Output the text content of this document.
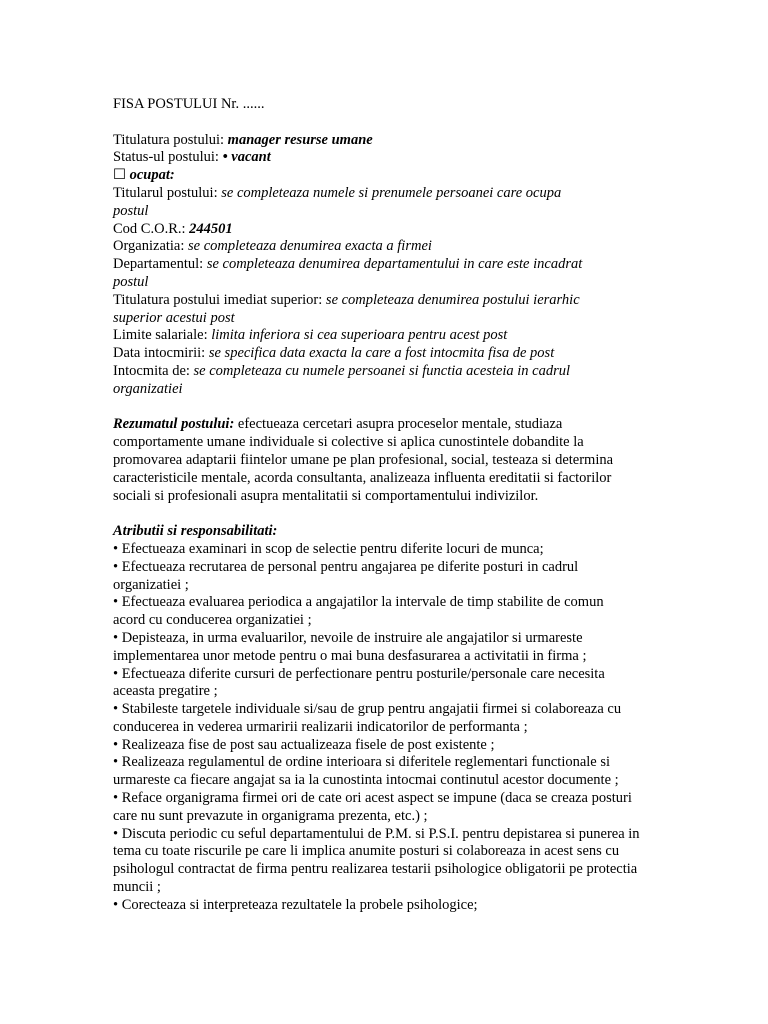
FISA POSTULUI Nr. ......
Titulatura postului: manager resurse umane
Status-ul postului: • vacant
☐ ocupat:
Titularul postului: se completeaza numele si prenumele persoanei care ocupa postul
Cod C.O.R.: 244501
Organizatia: se completeaza denumirea exacta a firmei
Departamentul: se completeaza denumirea departamentului in care este incadrat postul
Titulatura postului imediat superior: se completeaza denumirea postului ierarhic superior acestui post
Limite salariale: limita inferiora si cea superioara pentru acest post
Data intocmirii: se specifica data exacta la care a fost intocmita fisa de post
Intocmita de: se completeaza cu numele persoanei si functia acesteia in cadrul organizatiei
Rezumatul postului: efectueaza cercetari asupra proceselor mentale, studiaza comportamente umane individuale si colective si aplica cunostintele dobandite la promovarea adaptarii fiintelor umane pe plan profesional, social, testeaza si determina caracteristicile mentale, acorda consultanta, analizeaza influenta ereditatii si factorilor sociali si profesionali asupra mentalitatii si comportamentului indivizilor.
Atributii si responsabilitati:
• Efectueaza examinari in scop de selectie pentru diferite locuri de munca;
• Efectueaza recrutarea de personal pentru angajarea pe diferite posturi in cadrul organizatiei ;
• Efectueaza evaluarea periodica a angajatilor la intervale de timp stabilite de comun acord cu conducerea organizatiei ;
• Depisteaza, in urma evaluarilor, nevoile de instruire ale angajatilor si urmareste implementarea unor metode pentru o mai buna desfasurarea a activitatii in firma ;
• Efectueaza diferite cursuri de perfectionare pentru posturile/personale care necesita aceasta pregatire ;
• Stabileste targetele individuale si/sau de grup pentru angajatii firmei si colaboreaza cu conducerea in vederea urmaririi realizarii indicatorilor de performanta ;
• Realizeaza fise de post sau actualizeaza fisele de post existente ;
• Realizeaza regulamentul de ordine interioara si diferitele reglementari functionale si urmareste ca fiecare angajat sa ia la cunostinta intocmai continutul acestor documente ;
• Reface organigrama firmei ori de cate ori acest aspect se impune (daca se creaza posturi care nu sunt prevazute in organigrama prezenta, etc.) ;
• Discuta periodic cu seful departamentului de P.M. si P.S.I. pentru depistarea si punerea in tema cu toate riscurile pe care li implica anumite posturi si colaboreaza in acest sens cu psihologul contractat de firma pentru realizarea testarii psihologice obligatorii pe protectia muncii ;
• Corecteaza si interpreteaza rezultatele la probele psihologice;
